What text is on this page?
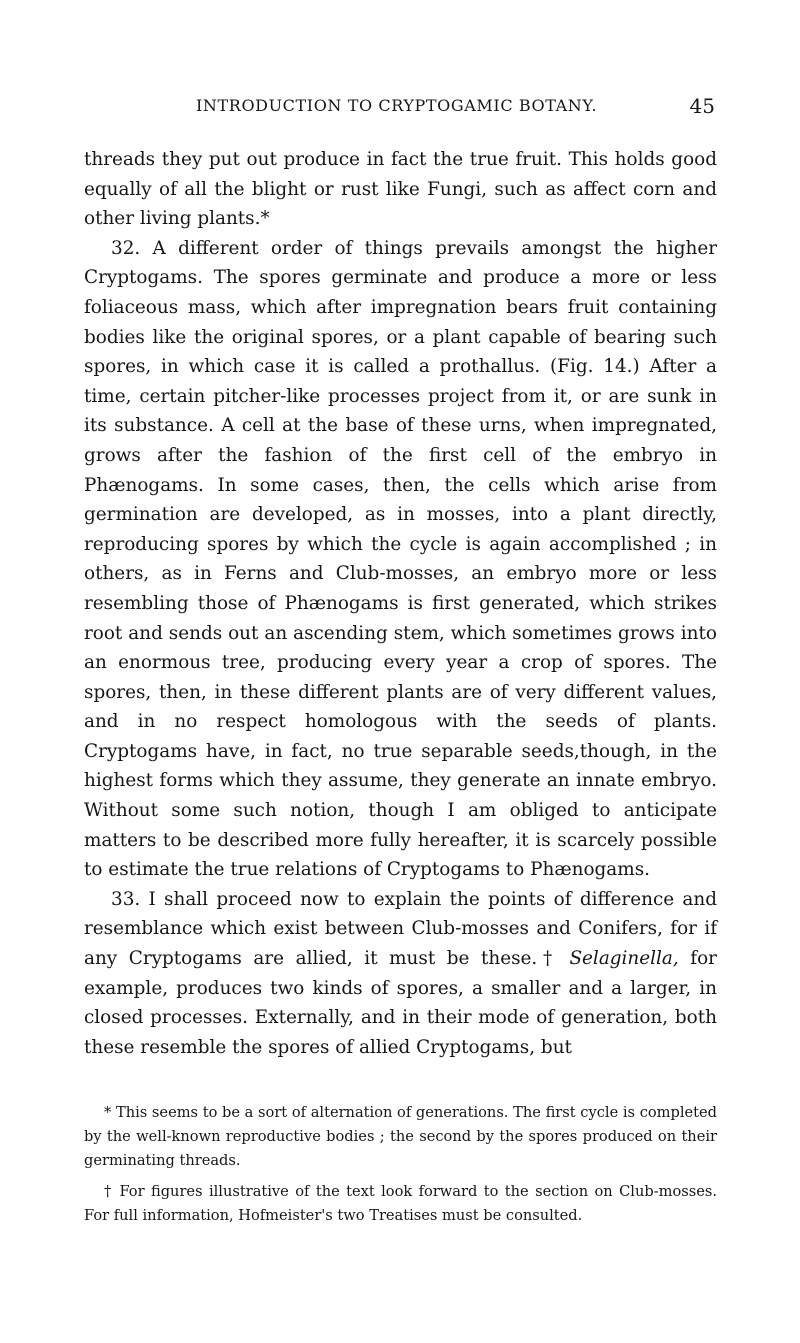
INTRODUCTION TO CRYPTOGAMIC BOTANY.	45

threads they put out produce in fact the true fruit. This holds good equally of all the blight or rust like Fungi, such as affect corn and other living plants.*

32. A different order of things prevails amongst the higher Cryptogams. The spores germinate and produce a more or less foliaceous mass, which after impregnation bears fruit containing bodies like the original spores, or a plant capable of bearing such spores, in which case it is called a prothallus. (Fig. 14.) After a time, certain pitcher-like processes project from it, or are sunk in its substance. A cell at the base of these urns, when impregnated, grows after the fashion of the first cell of the embryo in Phænogams. In some cases, then, the cells which arise from germination are developed, as in mosses, into a plant directly, reproducing spores by which the cycle is again accomplished ; in others, as in Ferns and Club-mosses, an embryo more or less resembling those of Phænogams is first generated, which strikes root and sends out an ascending stem, which sometimes grows into an enormous tree, producing every year a crop of spores. The spores, then, in these different plants are of very different values, and in no respect homologous with the seeds of plants. Cryptogams have, in fact, no true separable seeds,though, in the highest forms which they assume, they generate an innate embryo. Without some such notion, though I am obliged to anticipate matters to be described more fully hereafter, it is scarcely possible to estimate the true relations of Cryptogams to Phænogams.

33. I shall proceed now to explain the points of difference and resemblance which exist between Club-mosses and Conifers, for if any Cryptogams are allied, it must be these.† Selaginella, for example, produces two kinds of spores, a smaller and a larger, in closed processes. Externally, and in their mode of generation, both these resemble the spores of allied Cryptogams, but

* This seems to be a sort of alternation of generations. The first cycle is completed by the well-known reproductive bodies ; the second by the spores produced on their germinating threads.

† For figures illustrative of the text look forward to the section on Club-mosses. For full information, Hofmeister's two Treatises must be consulted.
